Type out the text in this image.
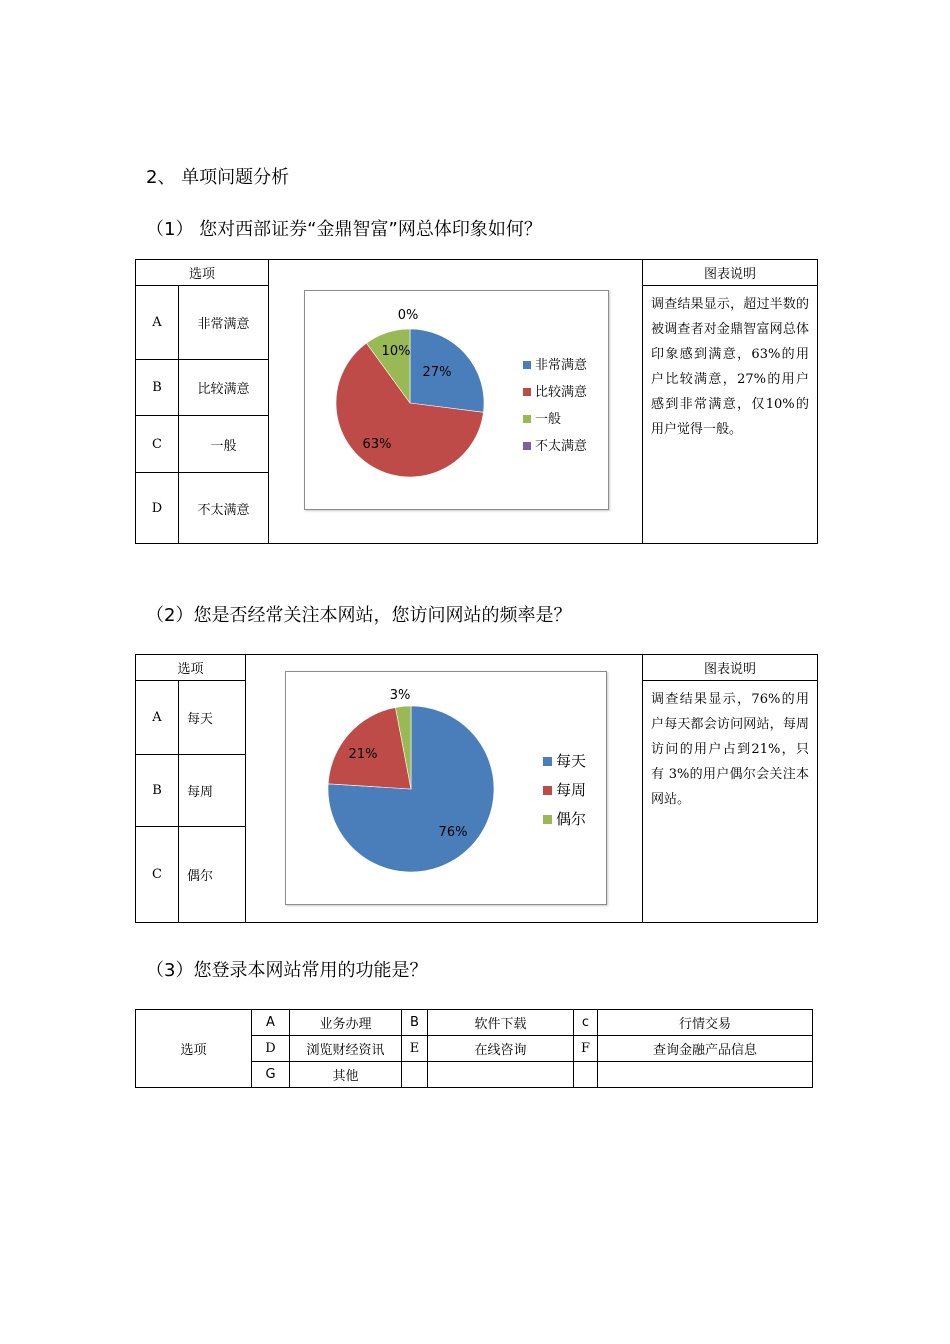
2、 单项问题分析
（1） 您对西部证券“金鼎智富”网总体印象如何？
选项			图表说明
A	非常满意		调查结果显示，超过半数的被调查者对金鼎智富网总体印象感到满意，63%的用户比较满意，27%的用户感到非常满意，仅10%的用户觉得一般。
B	比较满意		
C	一般		
D	不太满意		
27%
63%
10%
0%
非常满意
比较满意
一般
不太满意
（2）您是否经常关注本网站，您访问网站的频率是？
选项			图表说明
A	每天		调查结果显示，76%的用户每天都会访问网站，每周访问的用户占到21%，只有 3%的用户偶尔会关注本网站。
B	每周		
C	偶尔		
76%
21%
3%
每天
每周
偶尔
（3）您登录本网站常用的功能是？
选项	A	业务办理	B	软件下载	c	行情交易
	D	浏览财经资讯	E	在线咨询	F	查询金融产品信息
	G	其他				
